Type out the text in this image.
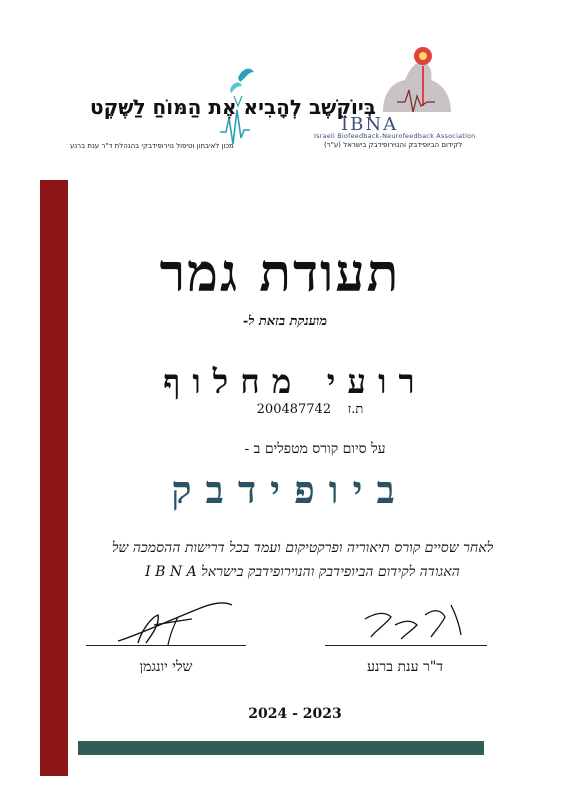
בְּיוֹקֵשֶׁב לְהָבִיא אֶת הַמּוֹחַ לַשֶּׁקֶט
מכון לאיבחון וטיפול נוירופידבקי בהנהלת ד"ר ענת ברנע
IBNA
Israeli Biofeedback-Neurofeedback Association
לקידום הביופידבק והנוירופידבק בישראל (ע"ר)
תעודת גמר
מוענקת בזאת ל-
רועי מחלוף
ת.ז    200487742
על סיום קורס מטפלים ב -
ביופידבק
לאחר שסיים קורס תיאוריה ופרקטיקום ועמד בכל דרישות ההסמכה של
האגודה לקידום הביופידבק והנוירופידבק בישראל I B N A
שלי יונגמן	ד"ר ענת ברנע
2024 - 2023
